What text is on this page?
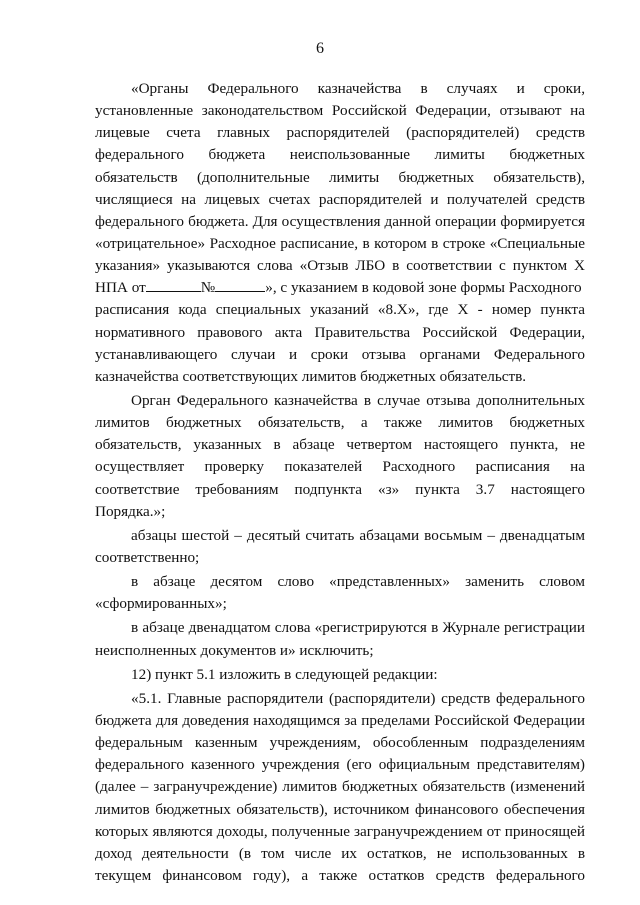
6
«Органы Федерального казначейства в случаях и сроки,
установленные законодательством Российской Федерации, отзывают на
лицевые счета главных распорядителей (распорядителей) средств
федерального бюджета неиспользованные лимиты бюджетных
обязательств (дополнительные лимиты бюджетных обязательств),
числящиеся на лицевых счетах распорядителей и получателей средств
федерального бюджета. Для осуществления данной операции формируется
«отрицательное» Расходное расписание, в котором в строке «Специальные
указания» указываются слова «Отзыв ЛБО в соответствии с пунктом X
НПА от	№	», с указанием в кодовой зоне формы Расходного
расписания кода специальных указаний «8.X», где X - номер пункта
нормативного правового акта Правительства Российской Федерации,
устанавливающего случаи и сроки отзыва органами Федерального
казначейства соответствующих лимитов бюджетных обязательств.
Орган Федерального казначейства в случае отзыва дополнительных
лимитов бюджетных обязательств, а также лимитов бюджетных
обязательств, указанных в абзаце четвертом настоящего пункта, не
осуществляет проверку показателей Расходного расписания на
соответствие требованиям подпункта «з» пункта 3.7 настоящего
Порядка.»;
абзацы шестой – десятый считать абзацами восьмым – двенадцатым
соответственно;
в абзаце десятом слово «представленных» заменить словом
«сформированных»;
в абзаце двенадцатом слова «регистрируются в Журнале регистрации
неисполненных документов и» исключить;
12) пункт 5.1 изложить в следующей редакции:
«5.1. Главные распорядители (распорядители) средств федерального
бюджета для доведения находящимся за пределами Российской Федерации
федеральным казенным учреждениям, обособленным подразделениям
федерального казенного учреждения (его официальным представителям)
(далее – загранучреждение) лимитов бюджетных обязательств (изменений
лимитов бюджетных обязательств), источником финансового обеспечения
которых являются доходы, полученные загранучреждением от приносящей
доход деятельности (в том числе их остатков, не использованных в
текущем финансовом году), а также остатков средств федерального
